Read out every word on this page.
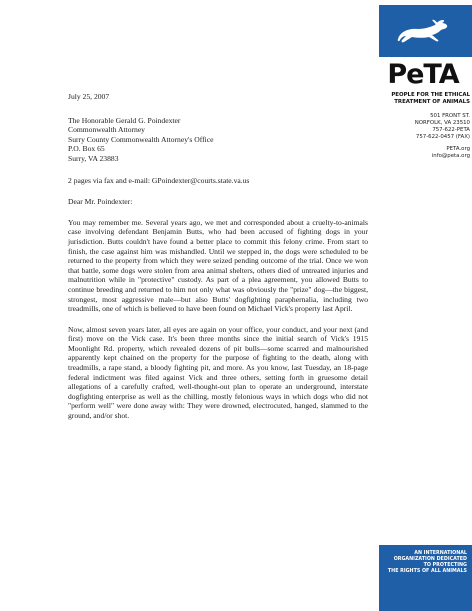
July 25, 2007

The Honorable Gerald G. Poindexter

Commonwealth Attorney

Surry County Commonwealth Attorney's Office

P.O. Box 65

Surry, VA 23883

2 pages via fax and e-mail: GPoindexter@courts.state.va.us

Dear Mr. Poindexter:

You may remember me. Several years ago, we met and corresponded about a cruelty-to-animals case involving defendant Benjamin Butts, who had been accused of fighting dogs in your jurisdiction. Butts couldn't have found a better place to commit this felony crime. From start to finish, the case against him was mishandled. Until we stepped in, the dogs were scheduled to be returned to the property from which they were seized pending outcome of the trial. Once we won that battle, some dogs were stolen from area animal shelters, others died of untreated injuries and malnutrition while in "protective" custody. As part of a plea agreement, you allowed Butts to continue breeding and returned to him not only what was obviously the "prize" dog—the biggest, strongest, most aggressive male—but also Butts' dogfighting paraphernalia, including two treadmills, one of which is believed to have been found on Michael Vick's property last April.

Now, almost seven years later, all eyes are again on your office, your conduct, and your next (and first) move on the Vick case. It's been three months since the initial search of Vick's 1915 Moonlight Rd. property, which revealed dozens of pit bulls—some scarred and malnourished apparently kept chained on the property for the purpose of fighting to the death, along with treadmills, a rape stand, a bloody fighting pit, and more. As you know, last Tuesday, an 18-page federal indictment was filed against Vick and three others, setting forth in gruesome detail allegations of a carefully crafted, well-thought-out plan to operate an underground, interstate dogfighting enterprise as well as the chilling, mostly felonious ways in which dogs who did not "perform well" were done away with: They were drowned, electrocuted, hanged, slammed to the ground, and/or shot.

PeTA
PEOPLE FOR THE ETHICAL
TREATMENT OF ANIMALS
501 FRONT ST.
NORFOLK, VA 23510
757-622-PETA
757-622-0457 (FAX)
PETA.org
info@peta.org
AN INTERNATIONAL
ORGANIZATION DEDICATED
TO PROTECTING
THE RIGHTS OF ALL ANIMALS
